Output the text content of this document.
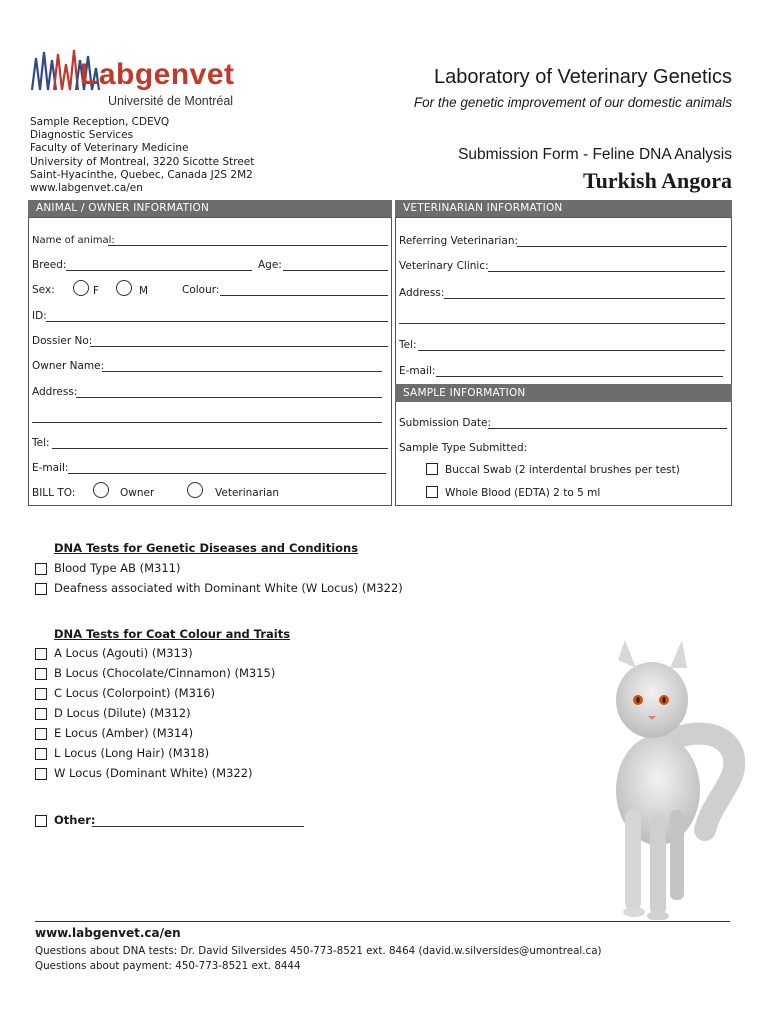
Labgenvet
Université de Montréal
Laboratory of Veterinary Genetics
For the genetic improvement of our domestic animals
Sample Reception, CDEVQ
Diagnostic Services
Faculty of Veterinary Medicine
University of Montreal, 3220 Sicotte Street
Saint-Hyacinthe, Quebec, Canada J2S 2M2
www.labgenvet.ca/en
Submission Form - Feline DNA Analysis
Turkish Angora
ANIMAL / OWNER INFORMATION
Name of animal:
Breed:	Age:
Sex:	F	M	Colour:
ID:
Dossier No:
Owner Name:
Address:
Tel:
E-mail:
BILL TO:	Owner	Veterinarian
VETERINARIAN INFORMATION
Referring Veterinarian:
Veterinary Clinic:
Address:
Tel:
E-mail:
SAMPLE INFORMATION
Submission Date:
Sample Type Submitted:
Buccal Swab (2 interdental brushes per test)
Whole Blood (EDTA) 2 to 5 ml
DNA Tests for Genetic Diseases and Conditions
Blood Type AB (M311)
Deafness associated with Dominant White (W Locus) (M322)
DNA Tests for Coat Colour and Traits
A Locus (Agouti) (M313)
B Locus (Chocolate/Cinnamon) (M315)
C Locus (Colorpoint) (M316)
D Locus (Dilute) (M312)
E Locus (Amber) (M314)
L Locus (Long Hair) (M318)
W Locus (Dominant White) (M322)
Other:
www.labgenvet.ca/en
Questions about DNA tests: Dr. David Silversides 450-773-8521 ext. 8464 (david.w.silversides@umontreal.ca)
Questions about payment: 450-773-8521 ext. 8444
